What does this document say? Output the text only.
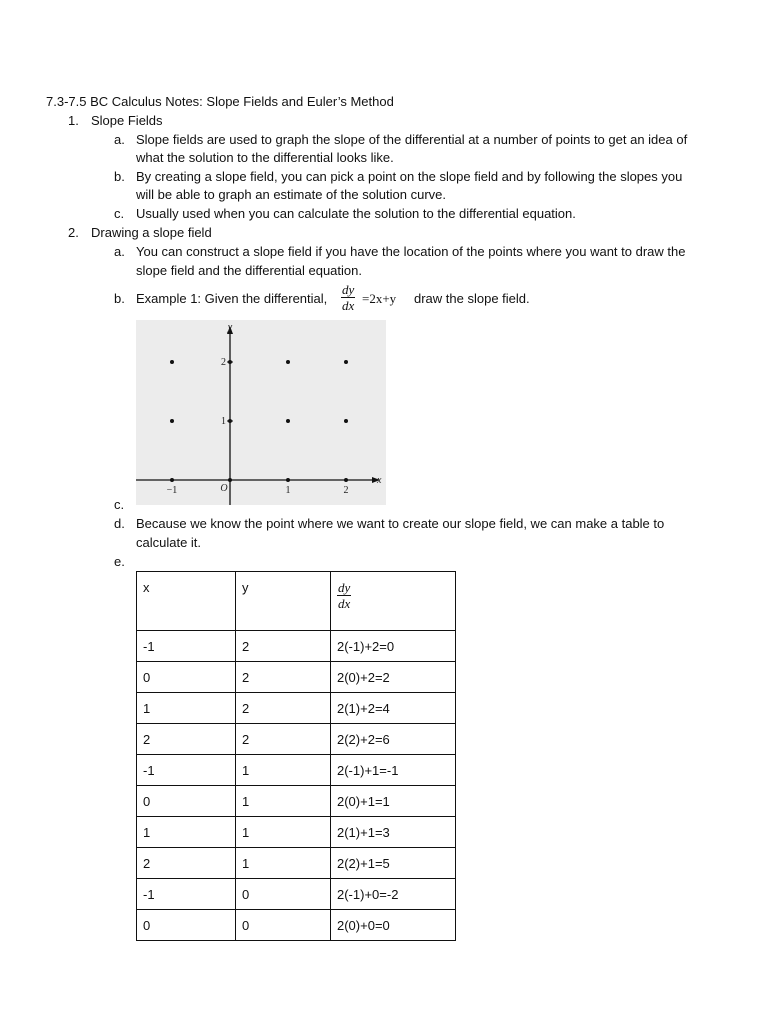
7.3-7.5 BC Calculus Notes: Slope Fields and Euler’s Method
1. Slope Fields
a. Slope fields are used to graph the slope of the differential at a number of points to get an idea of
what the solution to the differential looks like.
b. By creating a slope field, you can pick a point on the slope field and by following the slopes you
will be able to graph an estimate of the solution curve.
c. Usually used when you can calculate the solution to the differential equation.
2. Drawing a slope field
a. You can construct a slope field if you have the location of the points where you want to draw the
slope field and the differential equation.
b. Example 1: Given the differential, $\frac{dy}{dx} =2x+y$ draw the slope field.
x
y
O
−1	1	2
1
2
c.
d. Because we know the point where we want to create our slope field, we can make a table to
calculate it.
e.
x	y	$\frac{dy}{dx}$

-1	2	2(-1)+2=0
0	2	2(0)+2=2
1	2	2(1)+2=4
2	2	2(2)+2=6
-1	1	2(-1)+1=-1
0	1	2(0)+1=1
1	1	2(1)+1=3
2	1	2(2)+1=5
-1	0	2(-1)+0=-2
0	0	2(0)+0=0
